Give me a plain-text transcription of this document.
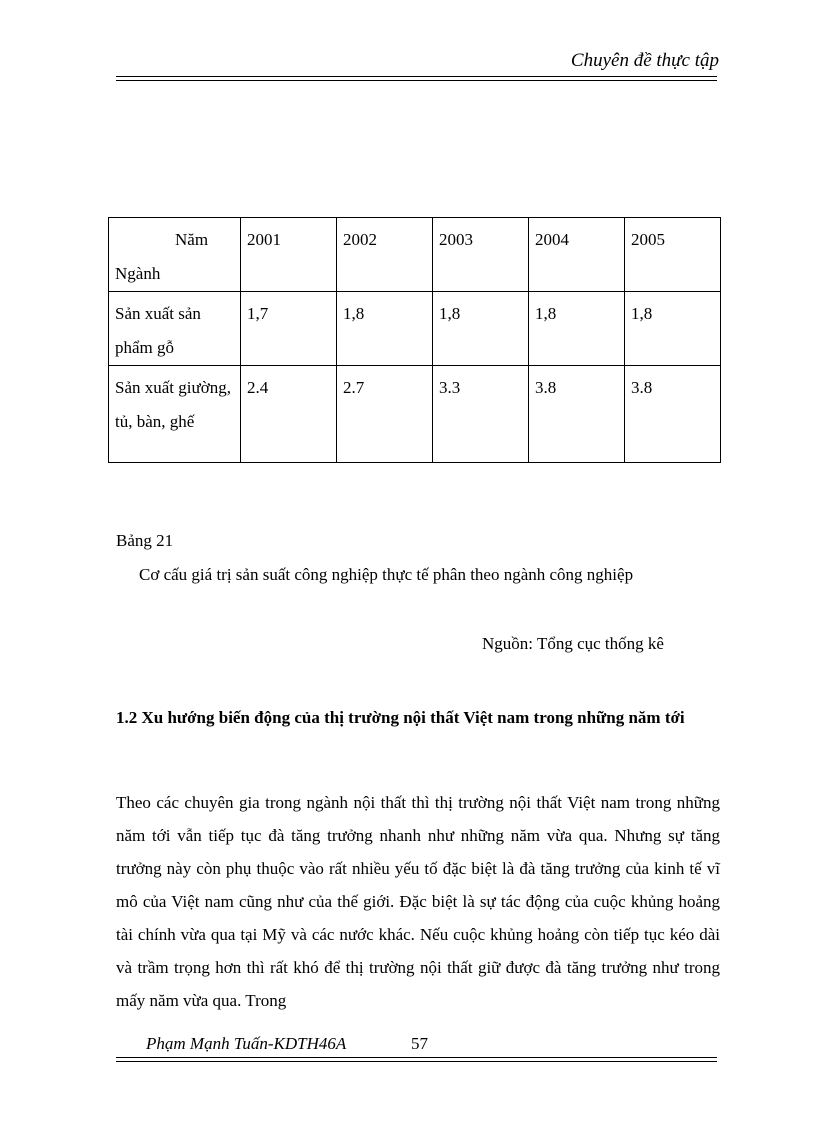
Chuyên đề thực tập
Năm
Ngành	2001	2002	2003	2004	2005
Sản xuất sản phẩm gỗ	1,7	1,8	1,8	1,8	1,8
Sản xuất giường, tủ, bàn, ghế	2.4	2.7	3.3	3.8	3.8
Bảng 21
Cơ cấu giá trị sản suất công nghiệp thực tế phân theo ngành công nghiệp
Nguồn: Tổng cục thống kê
1.2 Xu hướng biến động của thị trường nội thất Việt nam trong những năm tới
Theo các chuyên gia trong ngành nội thất thì thị trường nội thất Việt nam trong những năm tới vẫn tiếp tục đà tăng trưởng nhanh như những năm vừa qua. Nhưng sự tăng trưởng này còn phụ thuộc vào rất nhiều yếu tố đặc biệt là đà tăng trưởng của kinh tế vĩ mô của Việt nam cũng như của thế giới. Đặc biệt là sự tác động của cuộc khủng hoảng tài chính vừa qua tại Mỹ và các nước khác. Nếu cuộc khủng hoảng còn tiếp tục kéo dài và trầm trọng hơn thì rất khó để thị trường nội thất giữ được đà tăng trưởng như trong mấy năm vừa qua. Trong
Phạm Mạnh Tuấn-KDTH46A	57
